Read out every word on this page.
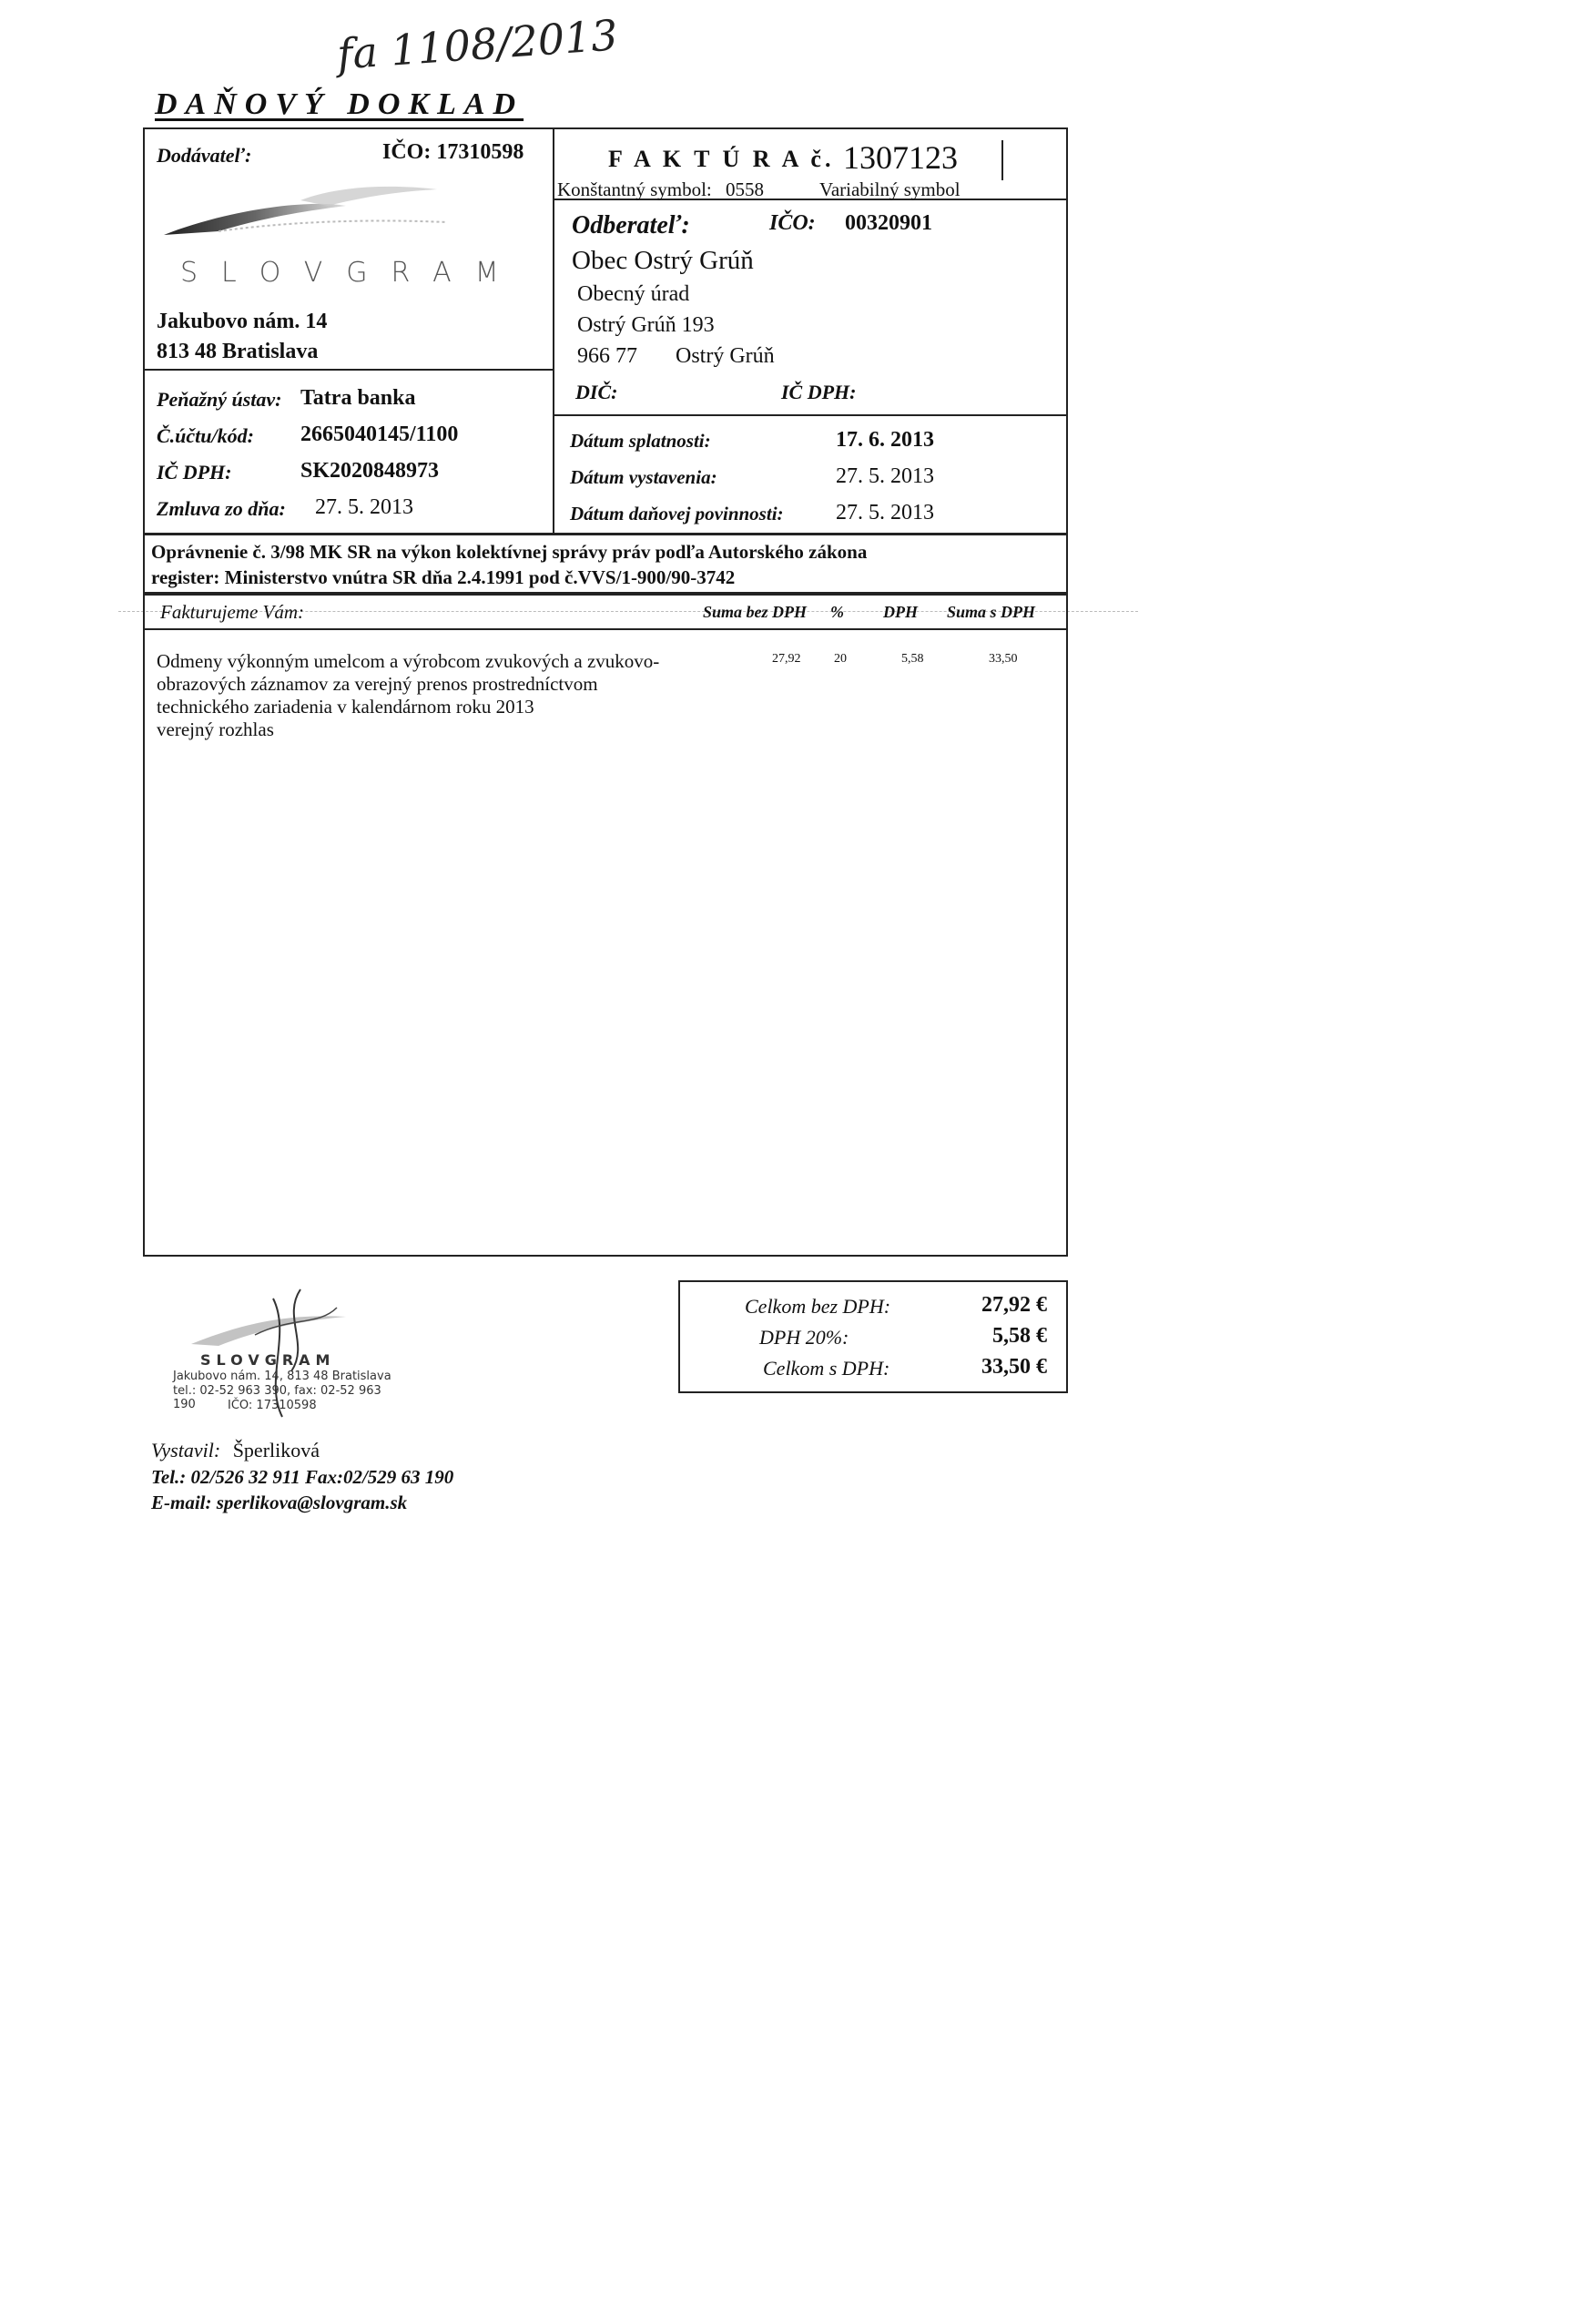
fa 1108/2013
DAŇOVÝ DOKLAD
Dodávateľ:	IČO: 17310598
SLOVGRAM
Jakubovo nám. 14
813 48 Bratislava
Peňažný ústav: Tatra banka
Č.účtu/kód: 2665040145/1100
IČ DPH:	SK2020848973
Zmluva zo dňa: 27. 5. 2013
F A K T Ú R A č. 1307123
Konštantný symbol: 0558	Variabilný symbol
Odberateľ:	IČO: 00320901
Obec Ostrý Grúň
Obecný úrad
Ostrý Grúň 193
966 77 Ostrý Grúň
DIČ:	IČ DPH:
Dátum splatnosti:	17. 6. 2013
Dátum vystavenia:	27. 5. 2013
Dátum daňovej povinnosti: 27. 5. 2013
Oprávnenie č. 3/98 MK SR na výkon kolektívnej správy práv podľa Autorského zákona
register: Ministerstvo vnútra SR dňa 2.4.1991 pod č.VVS/1-900/90-3742
Fakturujeme Vám:	Suma bez DPH % DPH Suma s DPH
Odmeny výkonným umelcom a výrobcom zvukových a zvukovo-
obrazových záznamov za verejný prenos prostredníctvom
technického zariadenia v kalendárnom roku 2013
verejný rozhlas
27,92	20	5,58	33,50
Celkom bez DPH:	27,92 €
DPH 20%:	5,58 €
Celkom s DPH:	33,50 €
SLOVGRAM
Jakubovo nám. 14, 813 48 Bratislava
tel.: 02-52 963 390, fax: 02-52 963 190	IČO: 17310598
Vystavil: Šperliková
Tel.: 02/526 32 911 Fax:02/529 63 190
E-mail: sperlikova@slovgram.sk
